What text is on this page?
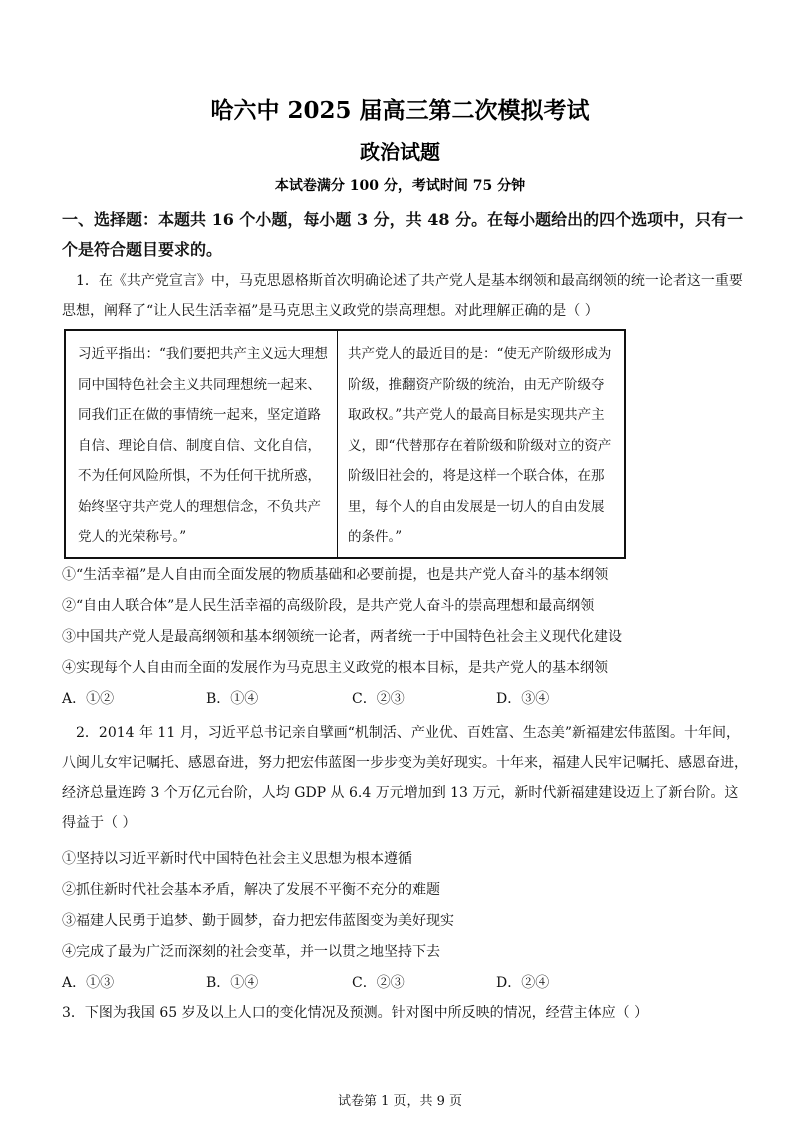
哈六中 2025 届高三第二次模拟考试
政治试题
本试卷满分 100 分，考试时间 75 分钟
一、选择题：本题共 16 个小题，每小题 3 分，共 48 分。在每小题给出的四个选项中，只有一个是符合题目要求的。
1．在《共产党宣言》中，马克思恩格斯首次明确论述了共产党人是基本纲领和最高纲领的统一论者这一重要思想，阐释了“让人民生活幸福”是马克思主义政党的崇高理想。对此理解正确的是（ ）
习近平指出：“我们要把共产主义远大理想同中国特色社会主义共同理想统一起来、同我们正在做的事情统一起来，坚定道路自信、理论自信、制度自信、文化自信，不为任何风险所惧，不为任何干扰所惑，始终坚守共产党人的理想信念，不负共产党人的光荣称号。”
共产党人的最近目的是：“使无产阶级形成为阶级，推翻资产阶级的统治，由无产阶级夺取政权。”共产党人的最高目标是实现共产主义，即“代替那存在着阶级和阶级对立的资产阶级旧社会的，将是这样一个联合体，在那里，每个人的自由发展是一切人的自由发展的条件。”
①“生活幸福”是人自由而全面发展的物质基础和必要前提，也是共产党人奋斗的基本纲领
②“自由人联合体”是人民生活幸福的高级阶段，是共产党人奋斗的崇高理想和最高纲领
③中国共产党人是最高纲领和基本纲领统一论者，两者统一于中国特色社会主义现代化建设
④实现每个人自由而全面的发展作为马克思主义政党的根本目标，是共产党人的基本纲领
A．①②	B．①④	C．②③	D．③④
2．2014 年 11 月，习近平总书记亲自擘画“机制活、产业优、百姓富、生态美”新福建宏伟蓝图。十年间，八闽儿女牢记嘱托、感恩奋进，努力把宏伟蓝图一步步变为美好现实。十年来，福建人民牢记嘱托、感恩奋进，经济总量连跨 3 个万亿元台阶，人均 GDP 从 6.4 万元增加到 13 万元，新时代新福建建设迈上了新台阶。这得益于（ ）
①坚持以习近平新时代中国特色社会主义思想为根本遵循
②抓住新时代社会基本矛盾，解决了发展不平衡不充分的难题
③福建人民勇于追梦、勤于圆梦，奋力把宏伟蓝图变为美好现实
④完成了最为广泛而深刻的社会变革，并一以贯之地坚持下去
A．①③	B．①④	C．②③	D．②④
3．下图为我国 65 岁及以上人口的变化情况及预测。针对图中所反映的情况，经营主体应（ ）
试卷第 1 页，共 9 页
